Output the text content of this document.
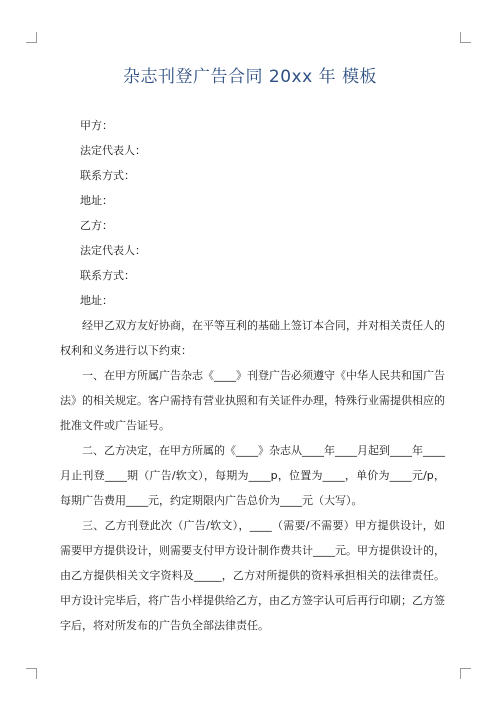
杂志刊登广告合同 20xx 年 模板
甲方：
法定代表人：
联系方式：
地址：
乙方：
法定代表人：
联系方式：
地址：

经甲乙双方友好协商，在平等互利的基础上签订本合同，并对相关责任人的权利和义务进行以下约束：

一、在甲方所属广告杂志《____》刊登广告必须遵守《中华人民共和国广告法》的相关规定。客户需持有营业执照和有关证件办理，特殊行业需提供相应的批准文件或广告证号。

二、乙方决定，在甲方所属的《____》杂志从____年____月起到____年____月止刊登____期（广告/软文），每期为____p，位置为____，单价为____元/p，每期广告费用____元，约定期限内广告总价为____元（大写）。

三、乙方刊登此次（广告/软文），____（需要/不需要）甲方提供设计，如需要甲方提供设计，则需要支付甲方设计制作费共计____元。甲方提供设计的，由乙方提供相关文字资料及_____，乙方对所提供的资料承担相关的法律责任。甲方设计完毕后，将广告小样提供给乙方，由乙方签字认可后再行印刷；乙方签字后，将对所发布的广告负全部法律责任。
